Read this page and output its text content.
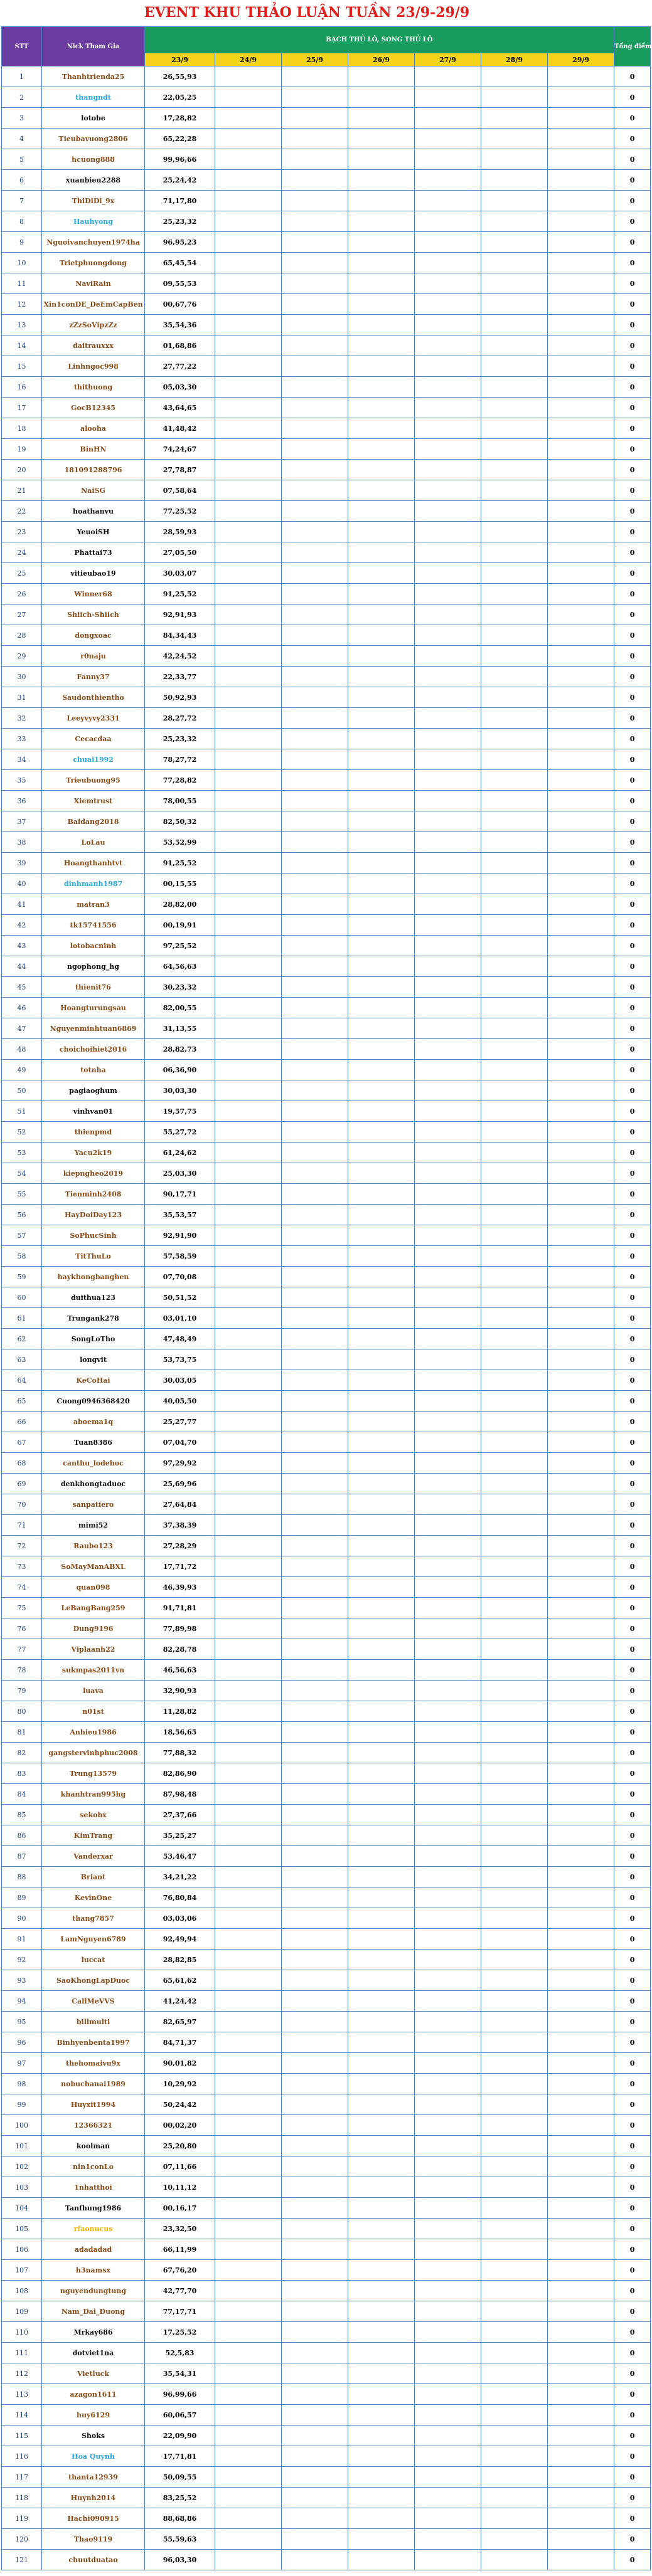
EVENT KHU THẢO LUẬN TUẦN 23/9-29/9
STT	Nick Tham Gia	BẠCH THỦ LÔ, SONG THỦ LÔ							Tổng điểm
		23/9	24/9	25/9	26/9	27/9	28/9	29/9	
1	Thanhtrienda25	26,55,93							0
2	thangndt	22,05,25							0
3	lotobe	17,28,82							0
4	Tieubavuong2806	65,22,28							0
5	hcuong888	99,96,66							0
6	xuanbieu2288	25,24,42							0
7	ThiDiDi_9x	71,17,80							0
8	Hauhyong	25,23,32							0
9	Nguoivanchuyen1974ha	96,95,23							0
10	Trietphuongdong	65,45,54							0
11	NaviRain	09,55,53							0
12	Xin1conDE_DeEmCapBen	00,67,76							0
13	zZzSoVipzZz	35,54,36							0
14	daitrauxxx	01,68,86							0
15	Linhngoc998	27,77,22							0
16	thithuong	05,03,30							0
17	GocB12345	43,64,65							0
18	alooha	41,48,42							0
19	BinHN	74,24,67							0
20	181091288796	27,78,87							0
21	NaiSG	07,58,64							0
22	hoathanvu	77,25,52							0
23	YeuoiSH	28,59,93							0
24	Phattai73	27,05,50							0
25	vitieubao19	30,03,07							0
26	Winner68	91,25,52							0
27	Shiich-Shiich	92,91,93							0
28	dongxoac	84,34,43							0
29	r0naju	42,24,52							0
30	Fanny37	22,33,77							0
31	Saudonthientho	50,92,93							0
32	Leeyvyvy2331	28,27,72							0
33	Cecacdaa	25,23,32							0
34	chuai1992	78,27,72							0
35	Trieubuong95	77,28,82							0
36	Xiemtrust	78,00,55							0
37	Baidang2018	82,50,32							0
38	LoLau	53,52,99							0
39	Hoangthanhtvt	91,25,52							0
40	dinhmanh1987	00,15,55							0
41	matran3	28,82,00							0
42	tk15741556	00,19,91							0
43	lotobacninh	97,25,52							0
44	ngophong_hg	64,56,63							0
45	thienit76	30,23,32							0
46	Hoangturungsau	82,00,55							0
47	Nguyenminhtuan6869	31,13,55							0
48	choichoihiet2016	28,82,73							0
49	totnha	06,36,90							0
50	pagiaoghum	30,03,30							0
51	vinhvan01	19,57,75							0
52	thienpmd	55,27,72							0
53	Yacu2k19	61,24,62							0
54	kiepngheo2019	25,03,30							0
55	Tienminh2408	90,17,71							0
56	HayDoiDay123	35,53,57							0
57	SoPhucSinh	92,91,90							0
58	TitThuLo	57,58,59							0
59	haykhongbanghen	07,70,08							0
60	duithua123	50,51,52							0
61	Trungank278	03,01,10							0
62	SongLoTho	47,48,49							0
63	longvit	53,73,75							0
64	KeCoHai	30,03,05							0
65	Cuong0946368420	40,05,50							0
66	aboema1q	25,27,77							0
67	Tuan8386	07,04,70							0
68	canthu_lodehoc	97,29,92							0
69	denkhongtaduoc	25,69,96							0
70	sanpatiero	27,64,84							0
71	mimi52	37,38,39							0
72	Raubo123	27,28,29							0
73	SoMayManABXL	17,71,72							0
74	quan098	46,39,93							0
75	LeBangBang259	91,71,81							0
76	Dung9196	77,89,98							0
77	Viplaanh22	82,28,78							0
78	sukmpas2011vn	46,56,63							0
79	luava	32,90,93							0
80	n01st	11,28,82							0
81	Anhieu1986	18,56,65							0
82	gangstervinhphuc2008	77,88,32							0
83	Trung13579	82,86,90							0
84	khanhtran995hg	87,98,48							0
85	sekobx	27,37,66							0
86	KimTrang	35,25,27							0
87	Vanderxar	53,46,47							0
88	Briant	34,21,22							0
89	KevinOne	76,80,84							0
90	thang7857	03,03,06							0
91	LamNguyen6789	92,49,94							0
92	luccat	28,82,85							0
93	SaoKhongLapDuoc	65,61,62							0
94	CallMeVVS	41,24,42							0
95	billmulti	82,65,97							0
96	Binhyenbenta1997	84,71,37							0
97	thehomaivu9x	90,01,82							0
98	nobuchanai1989	10,29,92							0
99	Huyxit1994	50,24,42							0
100	12366321	00,02,20							0
101	koolman	25,20,80							0
102	nin1conLo	07,11,66							0
103	1nhatthoi	10,11,12							0
104	Tanfhung1986	00,16,17							0
105	rfaonucus	23,32,50							0
106	adadadad	66,11,99							0
107	h3namsx	67,76,20							0
108	nguyendungtung	42,77,70							0
109	Nam_Dai_Duong	77,17,71							0
110	Mrkay686	17,25,52							0
111	dotviet1na	52,5,83							0
112	Vietluck	35,54,31							0
113	azagon1611	96,99,66							0
114	huy6129	60,06,57							0
115	Shoks	22,09,90							0
116	Hoa Quynh	17,71,81							0
117	thanta12939	50,09,55							0
118	Huynh2014	83,25,52							0
119	Hachi090915	88,68,86							0
120	Thao9119	55,59,63							0
121	chuutduatao	96,03,30							0
